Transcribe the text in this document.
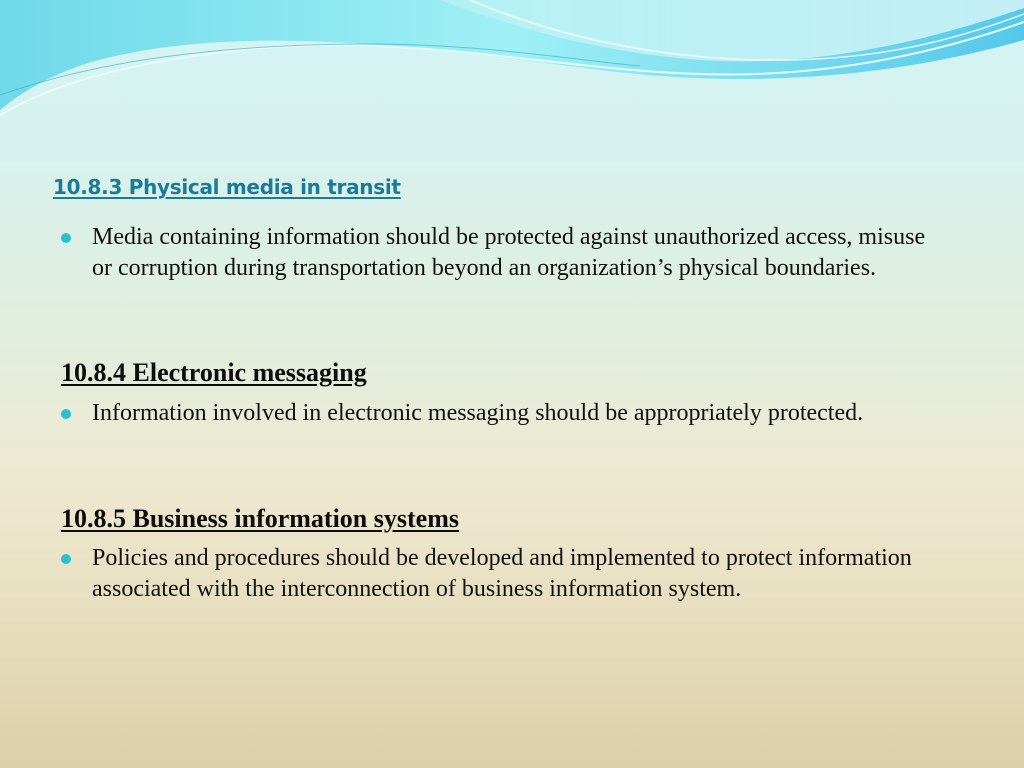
10.8.3 Physical media in transit
Media containing information should be protected against unauthorized access, misuse or corruption during transportation beyond an organization’s physical boundaries.
10.8.4 Electronic messaging
Information involved in electronic messaging should be appropriately protected.
10.8.5 Business information systems
Policies and procedures should be developed and implemented to protect information associated with the interconnection of business information system.
